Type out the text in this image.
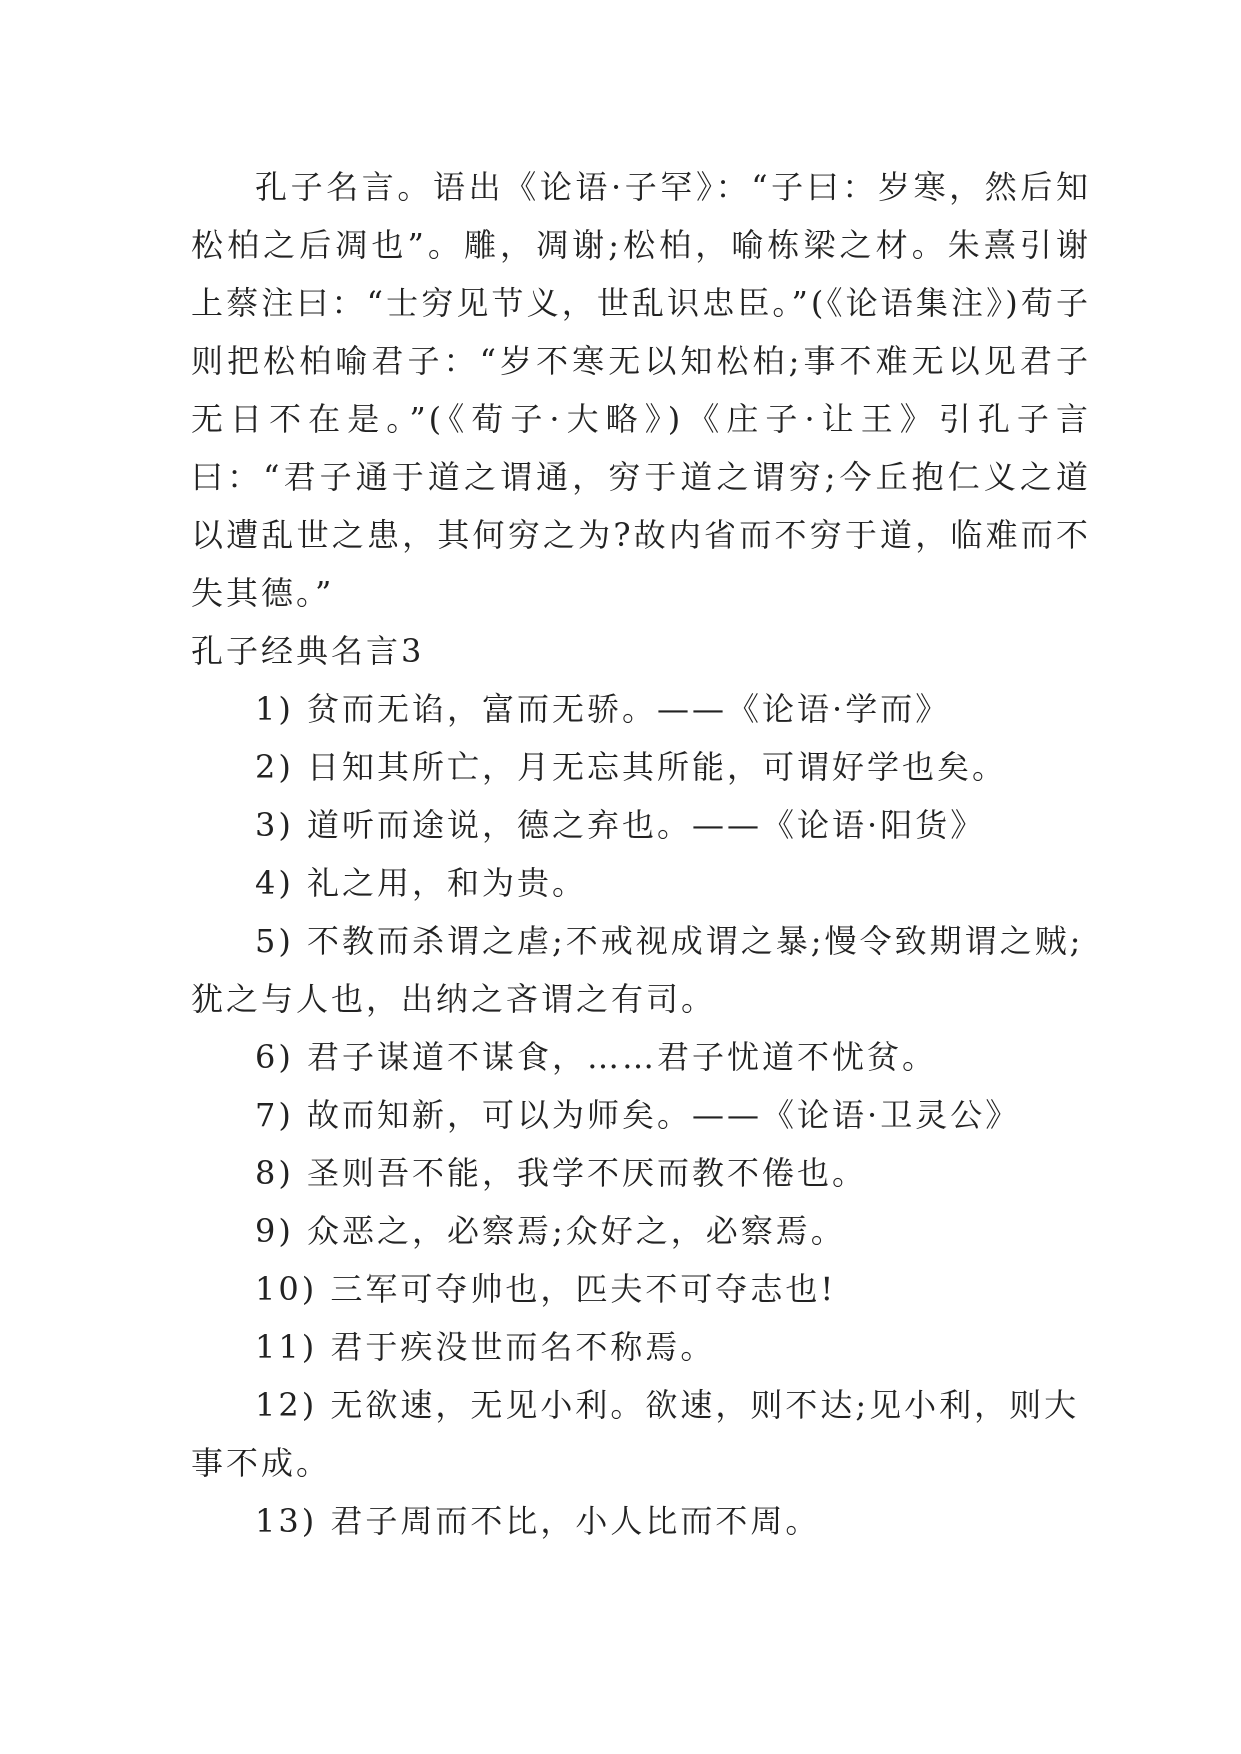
孔子名言。语出《论语·子罕》：“子曰：岁寒，然后知松柏之后凋也”。雕，凋谢;松柏，喻栋梁之材。朱熹引谢上蔡注曰：“士穷见节义，世乱识忠臣。”(《论语集注》)荀子则把松柏喻君子：“岁不寒无以知松柏;事不难无以见君子无日不在是。”(《荀子·大略》)《庄子·让王》引孔子言曰：“君子通于道之谓通，穷于道之谓穷;今丘抱仁义之道以遭乱世之患，其何穷之为?故内省而不穷于道，临难而不失其德。”

孔子经典名言3

1) 贫而无谄，富而无骄。——《论语·学而》

2) 日知其所亡，月无忘其所能，可谓好学也矣。

3) 道听而途说，德之弃也。——《论语·阳货》

4) 礼之用，和为贵。

5) 不教而杀谓之虐;不戒视成谓之暴;慢令致期谓之贼;犹之与人也，出纳之吝谓之有司。

6) 君子谋道不谋食，……君子忧道不忧贫。

7) 故而知新，可以为师矣。——《论语·卫灵公》

8) 圣则吾不能，我学不厌而教不倦也。

9) 众恶之，必察焉;众好之，必察焉。

10) 三军可夺帅也，匹夫不可夺志也!

11) 君于疾没世而名不称焉。

12) 无欲速，无见小利。欲速，则不达;见小利，则大事不成。

13) 君子周而不比，小人比而不周。
